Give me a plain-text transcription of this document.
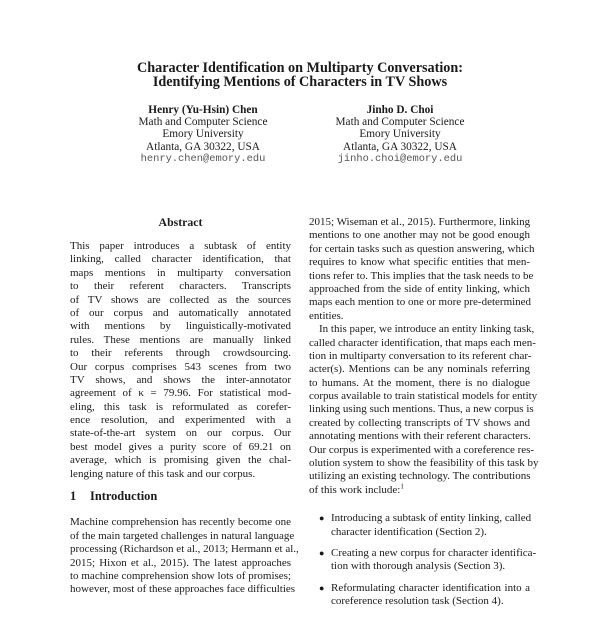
Character Identification on Multiparty Conversation:
Identifying Mentions of Characters in TV Shows
Henry (Yu-Hsin) Chen
Math and Computer Science
Emory University
Atlanta, GA 30322, USA
henry.chen@emory.edu
Jinho D. Choi
Math and Computer Science
Emory University
Atlanta, GA 30322, USA
jinho.choi@emory.edu
Abstract
This paper introduces a subtask of entity
linking, called character identification, that
maps mentions in multiparty conversation
to their referent characters. Transcripts
of TV shows are collected as the sources
of our corpus and automatically annotated
with mentions by linguistically-motivated
rules. These mentions are manually linked
to their referents through crowdsourcing.
Our corpus comprises 543 scenes from two
TV shows, and shows the inter-annotator
agreement of κ = 79.96. For statistical mod-
eling, this task is reformulated as corefer-
ence resolution, and experimented with a
state-of-the-art system on our corpus. Our
best model gives a purity score of 69.21 on
average, which is promising given the chal-
lenging nature of this task and our corpus.
1 Introduction
Machine comprehension has recently become one
of the main targeted challenges in natural language
processing (Richardson et al., 2013; Hermann et al.,
2015; Hixon et al., 2015). The latest approaches
to machine comprehension show lots of promises;
however, most of these approaches face difficulties
2015; Wiseman et al., 2015). Furthermore, linking
mentions to one another may not be good enough
for certain tasks such as question answering, which
requires to know what specific entities that men-
tions refer to. This implies that the task needs to be
approached from the side of entity linking, which
maps each mention to one or more pre-determined
entities.
In this paper, we introduce an entity linking task,
called character identification, that maps each men-
tion in multiparty conversation to its referent char-
acter(s). Mentions can be any nominals referring
to humans. At the moment, there is no dialogue
corpus available to train statistical models for entity
linking using such mentions. Thus, a new corpus is
created by collecting transcripts of TV shows and
annotating mentions with their referent characters.
Our corpus is experimented with a coreference res-
olution system to show the feasibility of this task by
utilizing an existing technology. The contributions
of this work include:$^1$
● Introducing a subtask of entity linking, called
character identification (Section 2).
● Creating a new corpus for character identifica-
tion with thorough analysis (Section 3).
● Reformulating character identification into a
coreference resolution task (Section 4).
